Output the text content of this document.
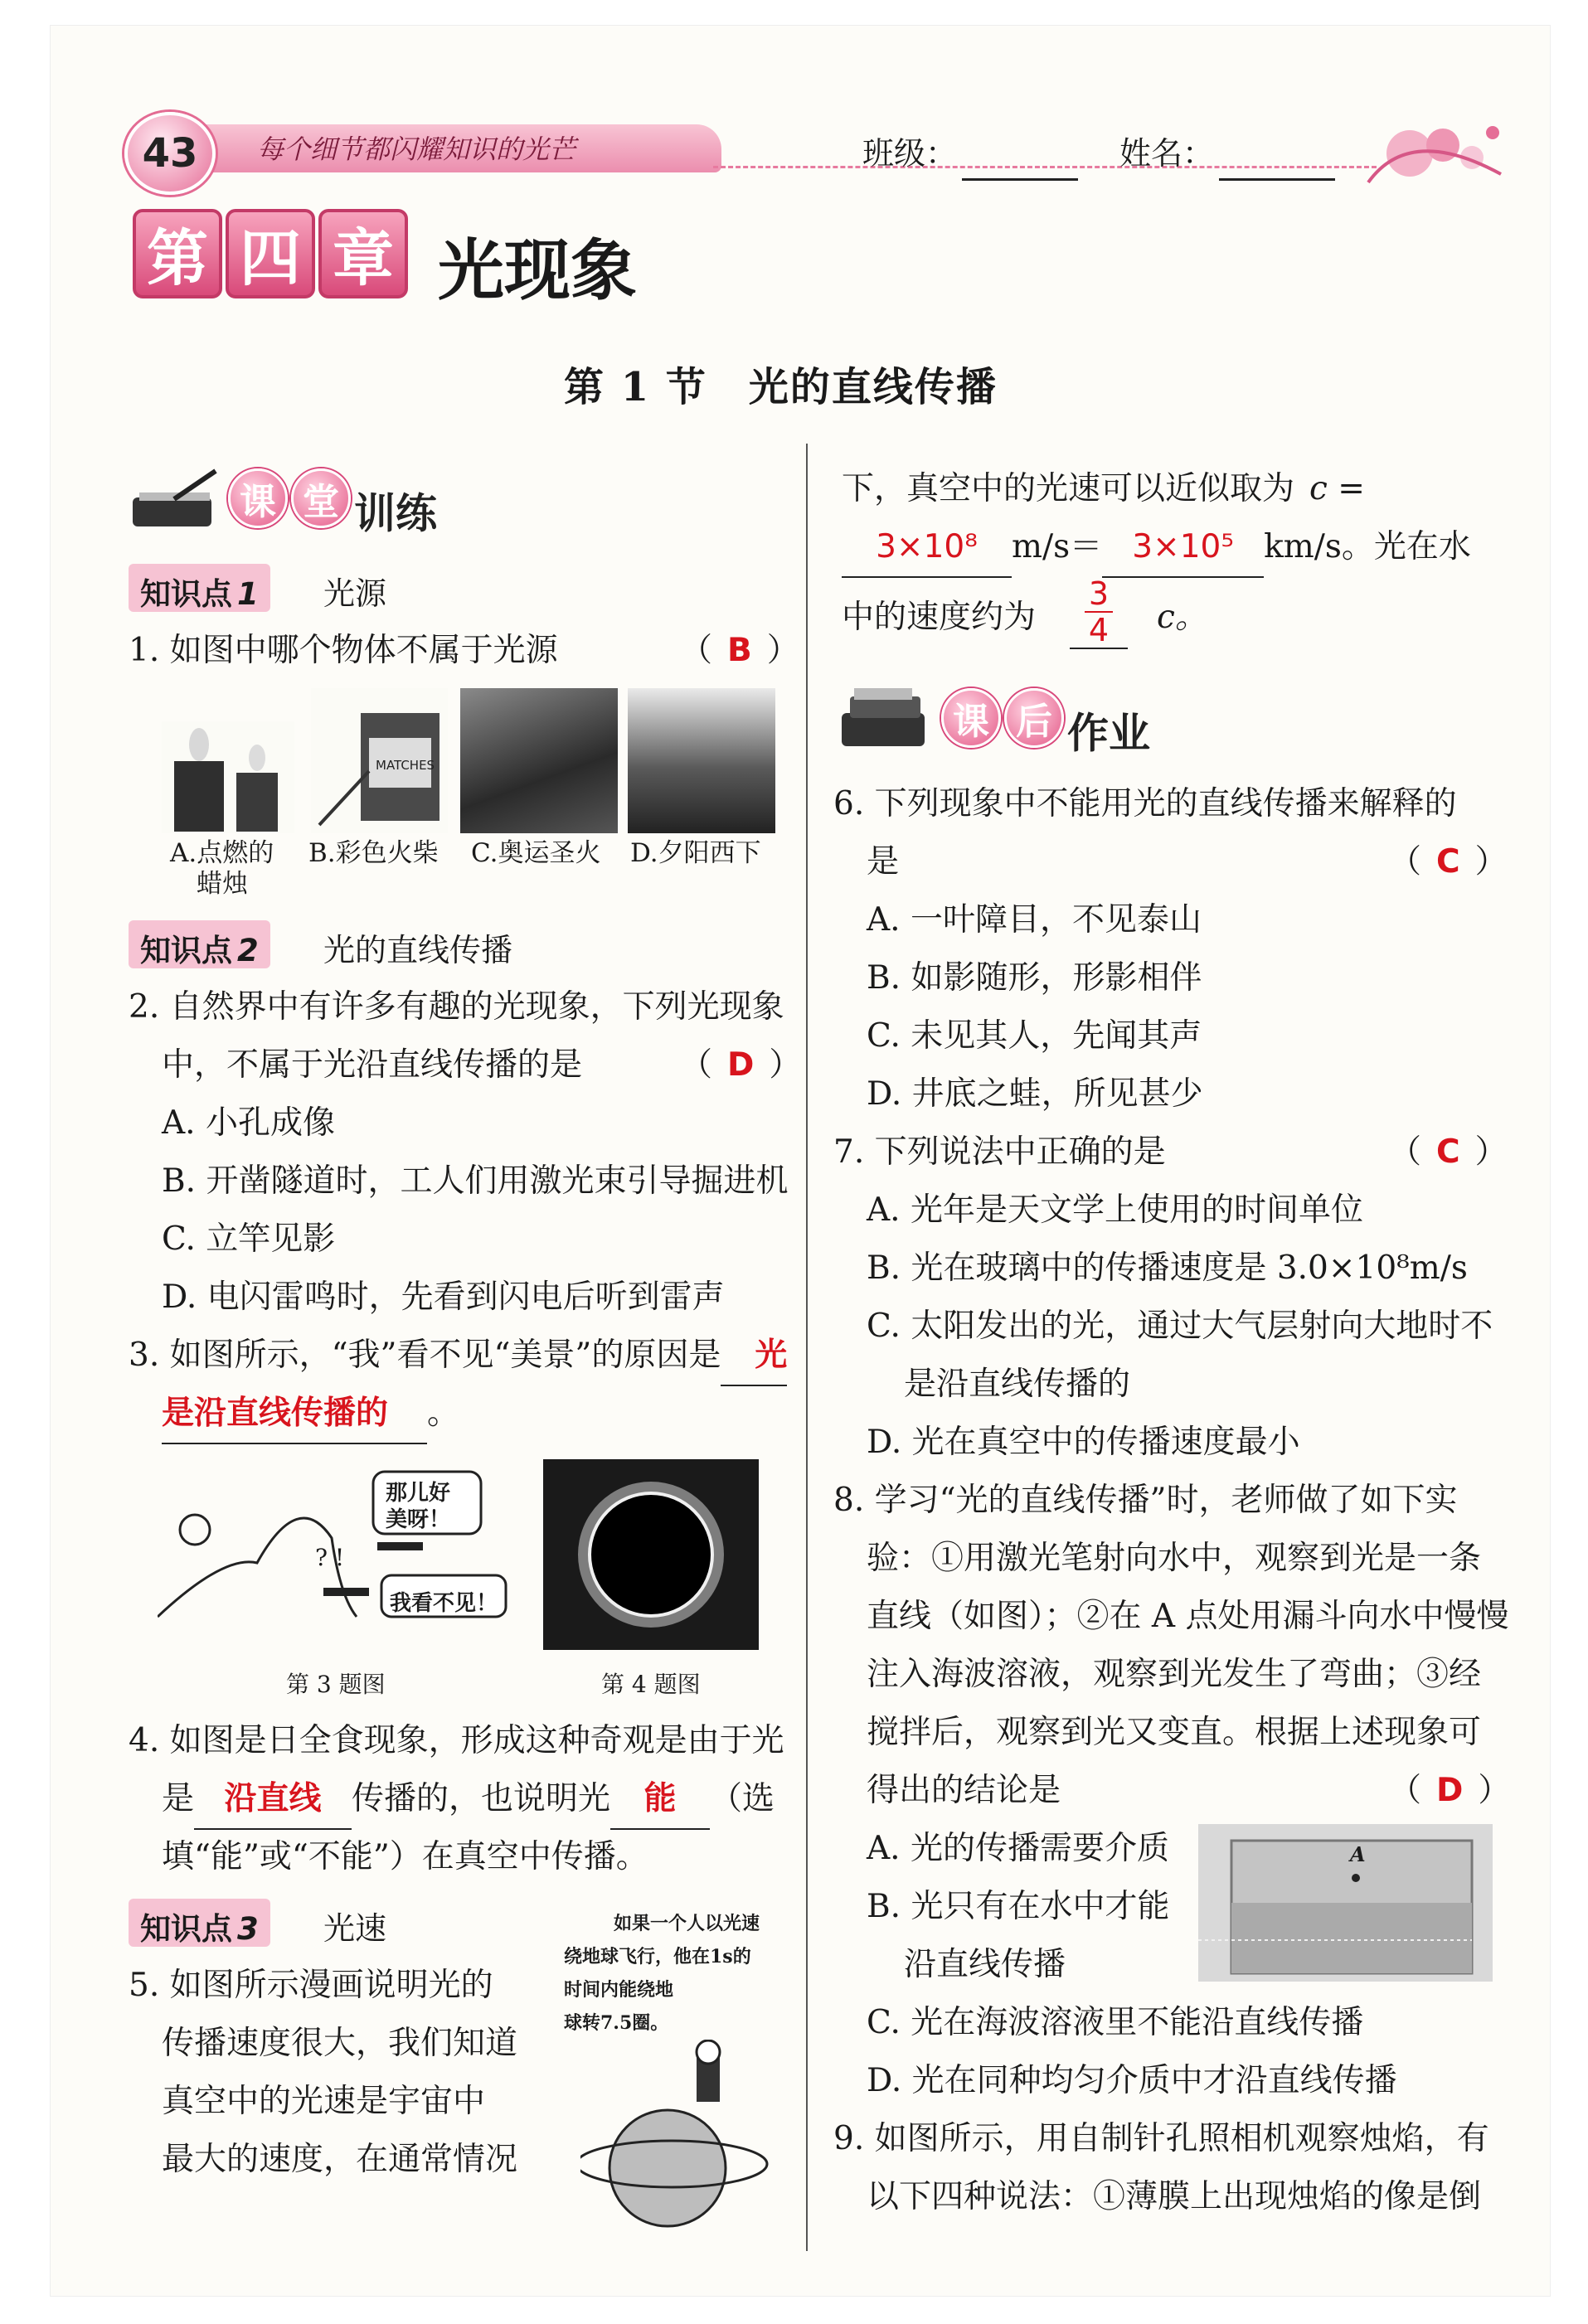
43 每个细节都闪耀知识的光芒	班级：	姓名：
第 四 章 光现象
第 1 节　光的直线传播
课 堂 训练
知识点 1	光源
1. 如图中哪个物体不属于光源	（ B ）
MATCHES
A.点燃的
蜡烛
B.彩色火柴 C.奥运圣火 D.夕阳西下
知识点 2	光的直线传播
2. 自然界中有许多有趣的光现象，下列光现象
中，不属于光沿直线传播的是	（ D ）
A. 小孔成像
B. 开凿隧道时，工人们用激光束引导掘进机
C. 立竿见影
D. 电闪雷鸣时，先看到闪电后听到雷声
3. 如图所示，“我”看不见“美景”的原因是 光
是沿直线传播的 。
那儿好美呀！
我看不见！
? !
第 3 题图	第 4 题图
4. 如图是日全食现象，形成这种奇观是由于光
是 沿直线 传播的，也说明光 能 （选
填“能”或“不能”）在真空中传播。
知识点 3	光速
5. 如图所示漫画说明光的
传播速度很大，我们知道
真空中的光速是宇宙中
最大的速度，在通常情况
如果一个人以光速
绕地球飞行，他在1s的
时间内能绕地
球转7.5圈。
下，真空中的光速可以近似取为 c =
3×10⁸ m/s＝ 3×10⁵ km/s。光在水
中的速度约为 $\frac{3}{4}$ c。
课 后 作业
6. 下列现象中不能用光的直线传播来解释的
是	（ C ）
A. 一叶障目，不见泰山
B. 如影随形，形影相伴
C. 未见其人，先闻其声
D. 井底之蛙，所见甚少
7. 下列说法中正确的是	（ C ）
A. 光年是天文学上使用的时间单位
B. 光在玻璃中的传播速度是 3.0×10⁸m/s
C. 太阳发出的光，通过大气层射向大地时不
是沿直线传播的
D. 光在真空中的传播速度最小
8. 学习“光的直线传播”时，老师做了如下实
验：①用激光笔射向水中，观察到光是一条
直线（如图）；②在 A 点处用漏斗向水中慢慢
注入海波溶液，观察到光发生了弯曲；③经
搅拌后，观察到光又变直。根据上述现象可
得出的结论是	（ D ）
A. 光的传播需要介质
B. 光只有在水中才能
沿直线传播
A
C. 光在海波溶液里不能沿直线传播
D. 光在同种均匀介质中才沿直线传播
9. 如图所示，用自制针孔照相机观察烛焰，有
以下四种说法：①薄膜上出现烛焰的像是倒
